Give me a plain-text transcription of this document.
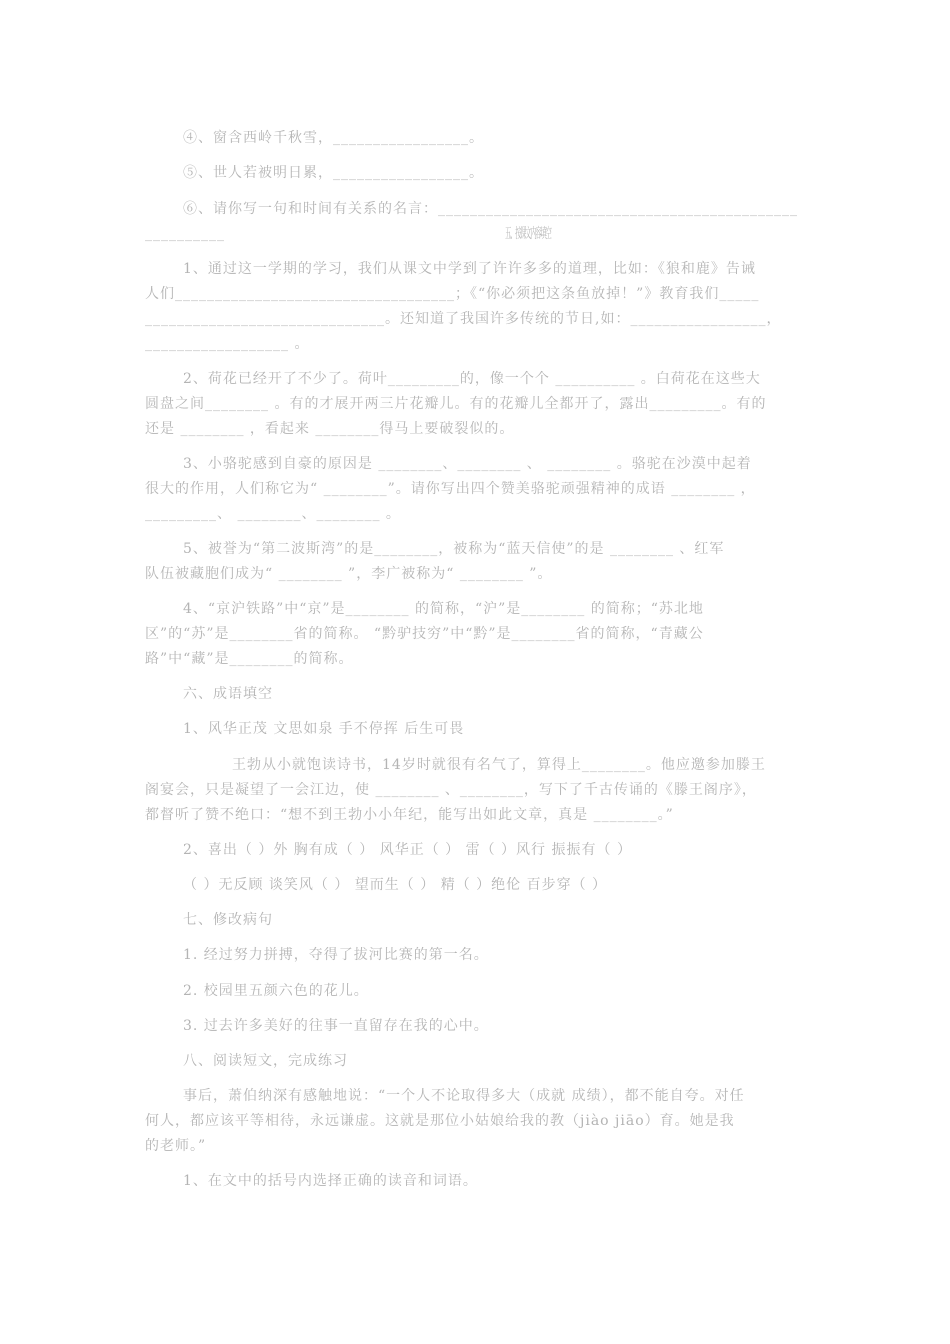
④、窗含西岭千秋雪，_________________。
⑤、世人若被明日累，_________________。
⑥、请你写一句和时间有关系的名言：_____________________________________________
__________	五、按课文内容填空
1、通过这一学期的学习，我们从课文中学到了许许多多的道理，比如：《狼和鹿》告诫
人们___________________________________；《“你必须把这条鱼放掉！”》教育我们_____
______________________________。还知道了我国许多传统的节日,如：_________________，
__________________ 。
2、荷花已经开了不少了。荷叶_________的，像一个个 __________ 。白荷花在这些大
圆盘之间________ 。有的才展开两三片花瓣儿。有的花瓣儿全都开了，露出_________。有的
还是 ________ ，看起来 ________得马上要破裂似的。
3、小骆驼感到自豪的原因是 ________、________ 、 ________ 。骆驼在沙漠中起着
很大的作用，人们称它为“ ________”。请你写出四个赞美骆驼顽强精神的成语 ________ ，
_________、 ________、________ 。
5、被誉为“第二波斯湾”的是________，被称为“蓝天信使”的是 ________ 、红军
队伍被藏胞们成为“ ________ ”，李广被称为“ ________ ”。
4、“京沪铁路”中“京”是________ 的简称，“沪”是________ 的简称；“苏北地
区”的“苏”是________省的简称。 “黔驴技穷”中“黔”是________省的简称，“青藏公
路”中“藏”是________的简称。
六、成语填空
1、风华正茂 文思如泉 手不停挥 后生可畏
王勃从小就饱读诗书，14岁时就很有名气了，算得上________。他应邀参加滕王
阁宴会，只是凝望了一会江边，使 ________ 、________，写下了千古传诵的《滕王阁序》，
都督听了赞不绝口：“想不到王勃小小年纪，能写出如此文章，真是 ________。”
2、喜出（ ）外 胸有成（ ） 风华正（ ） 雷（ ）风行 振振有（ ）
（ ）无反顾 谈笑风（ ） 望而生（ ） 精（ ）绝伦 百步穿（ ）
七、修改病句
1. 经过努力拼搏，夺得了拔河比赛的第一名。
2. 校园里五颜六色的花儿。
3. 过去许多美好的往事一直留存在我的心中。
八、阅读短文，完成练习
事后，萧伯纳深有感触地说：“一个人不论取得多大（成就 成绩），都不能自夸。对任
何人，都应该平等相待，永远谦虚。这就是那位小姑娘给我的教（jiào jiāo）育。她是我
的老师。”
1、在文中的括号内选择正确的读音和词语。
